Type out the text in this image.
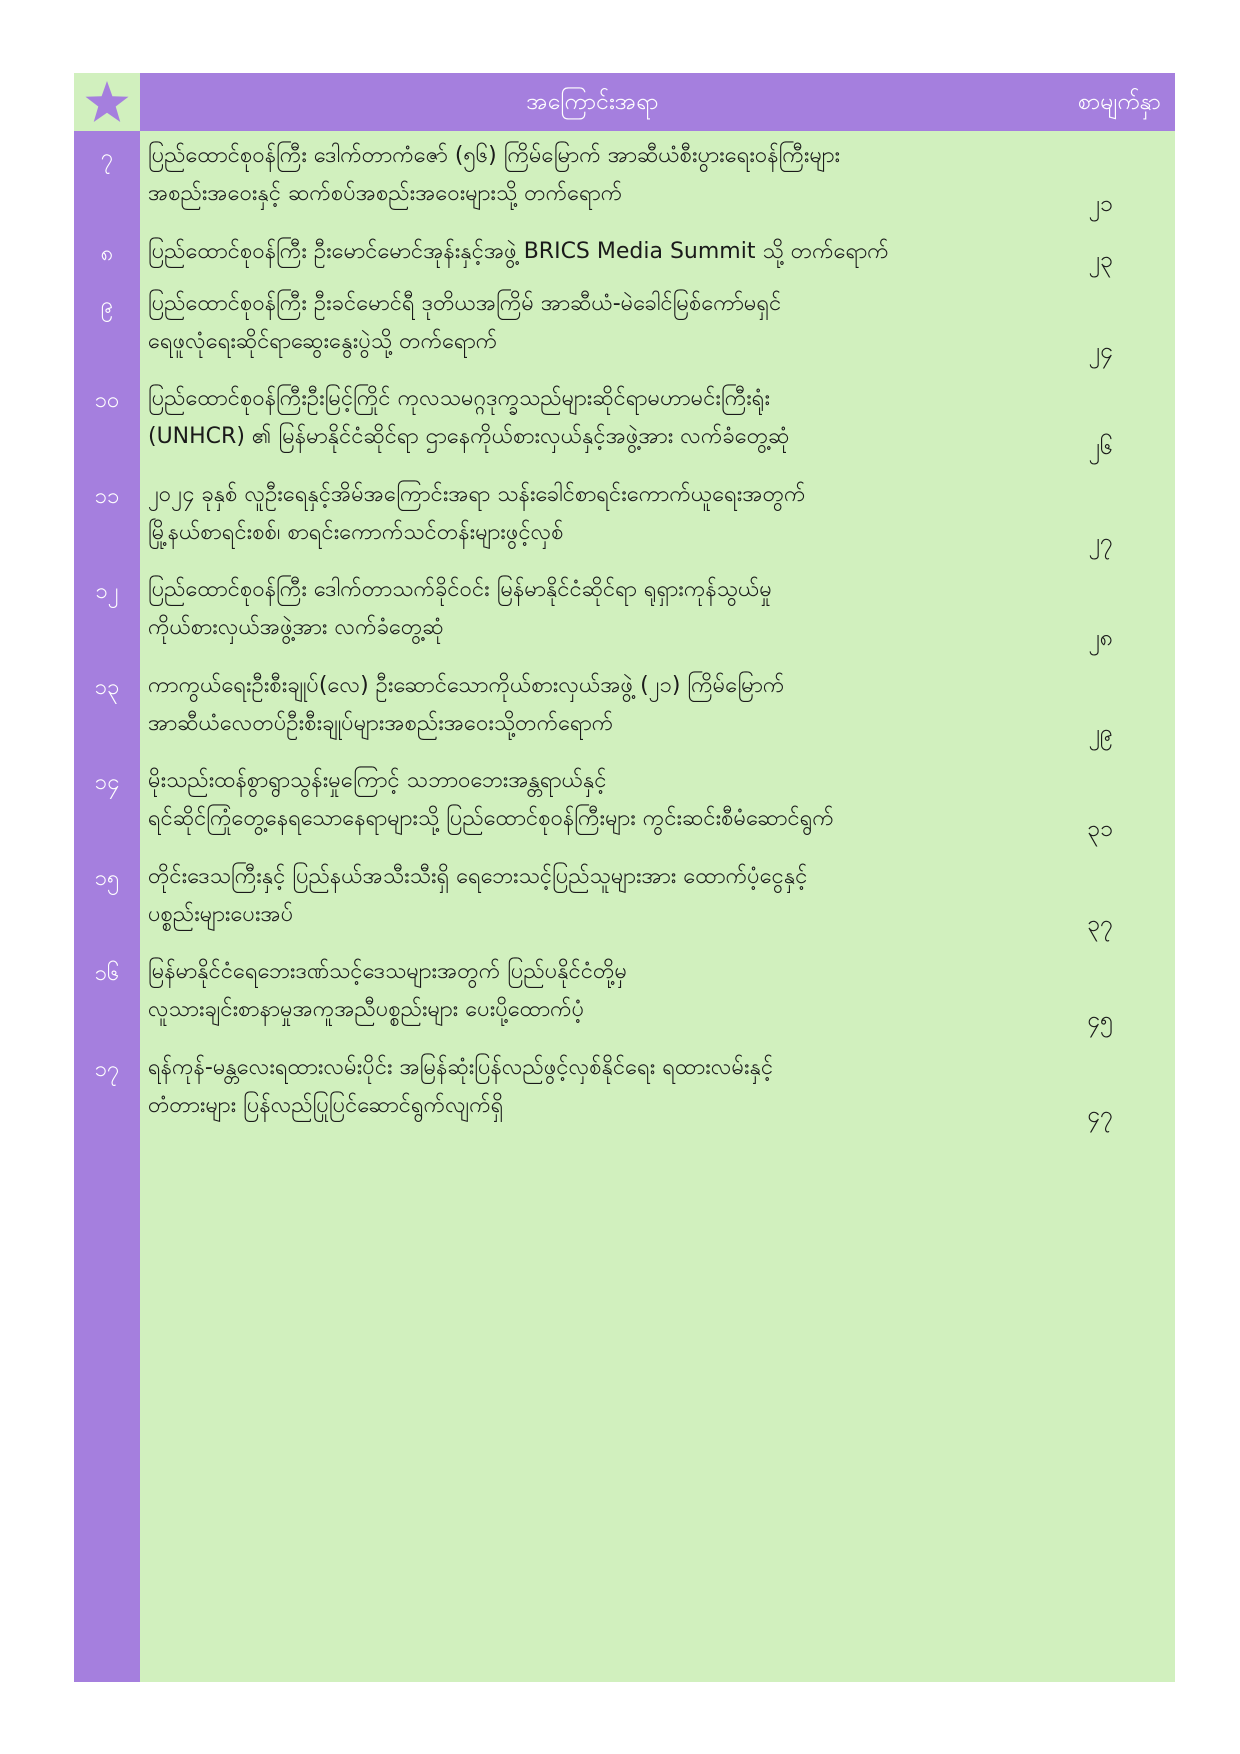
အကြောင်းအရာ	စာမျက်နှာ
၇	ပြည်ထောင်စုဝန်ကြီး ဒေါက်တာကံဇော် (၅၆) ကြိမ်မြောက် အာဆီယံစီးပွားရေးဝန်ကြီးများ
အစည်းအဝေးနှင့် ဆက်စပ်အစည်းအဝေးများသို့ တက်ရောက်	၂၁
၈	ပြည်ထောင်စုဝန်ကြီး ဦးမောင်မောင်အုန်းနှင့်အဖွဲ့ BRICS Media Summit သို့ တက်ရောက်	၂၃
၉	ပြည်ထောင်စုဝန်ကြီး ဦးခင်မောင်ရီ ဒုတိယအကြိမ် အာဆီယံ-မဲခေါင်မြစ်ကော်မရှင်
ရေဖူလုံရေးဆိုင်ရာဆွေးနွေးပွဲသို့ တက်ရောက်	၂၄
၁၀	ပြည်ထောင်စုဝန်ကြီးဦးမြင့်ကြိုင် ကုလသမဂ္ဂဒုက္ခသည်များဆိုင်ရာမဟာမင်းကြီးရုံး
(UNHCR) ၏ မြန်မာနိုင်ငံဆိုင်ရာ ဌာနေကိုယ်စားလှယ်နှင့်အဖွဲ့အား လက်ခံတွေ့ဆုံ	၂၆
၁၁	၂၀၂၄ ခုနှစ် လူဦးရေနှင့်အိမ်အကြောင်းအရာ သန်းခေါင်စာရင်းကောက်ယူရေးအတွက်
မြို့နယ်စာရင်းစစ်၊ စာရင်းကောက်သင်တန်းများဖွင့်လှစ်	၂၇
၁၂	ပြည်ထောင်စုဝန်ကြီး ဒေါက်တာသက်ခိုင်ဝင်း မြန်မာနိုင်ငံဆိုင်ရာ ရုရှားကုန်သွယ်မှု
ကိုယ်စားလှယ်အဖွဲ့အား လက်ခံတွေ့ဆုံ	၂၈
၁၃	ကာကွယ်ရေးဦးစီးချုပ်(လေ) ဦးဆောင်သောကိုယ်စားလှယ်အဖွဲ့ (၂၁) ကြိမ်မြောက်
အာဆီယံလေတပ်ဦးစီးချုပ်များအစည်းအဝေးသို့တက်ရောက်	၂၉
၁၄	မိုးသည်းထန်စွာရွာသွန်းမှုကြောင့် သဘာဝဘေးအန္တရာယ်နှင့်
ရင်ဆိုင်ကြုံတွေ့နေရသောနေရာများသို့ ပြည်ထောင်စုဝန်ကြီးများ ကွင်းဆင်းစီမံဆောင်ရွက်	၃၁
၁၅	တိုင်းဒေသကြီးနှင့် ပြည်နယ်အသီးသီးရှိ ရေဘေးသင့်ပြည်သူများအား ထောက်ပံ့ငွေနှင့်
ပစ္စည်းများပေးအပ်	၃၇
၁၆	မြန်မာနိုင်ငံရေဘေးဒဏ်သင့်ဒေသများအတွက် ပြည်ပနိုင်ငံတို့မှ
လူသားချင်းစာနာမှုအကူအညီပစ္စည်းများ ပေးပို့ထောက်ပံ့	၄၅
၁၇	ရန်ကုန်-မန္တလေးရထားလမ်းပိုင်း အမြန်ဆုံးပြန်လည်ဖွင့်လှစ်နိုင်ရေး ရထားလမ်းနှင့်
တံတားများ ပြန်လည်ပြုပြင်ဆောင်ရွက်လျက်ရှိ	၄၇
